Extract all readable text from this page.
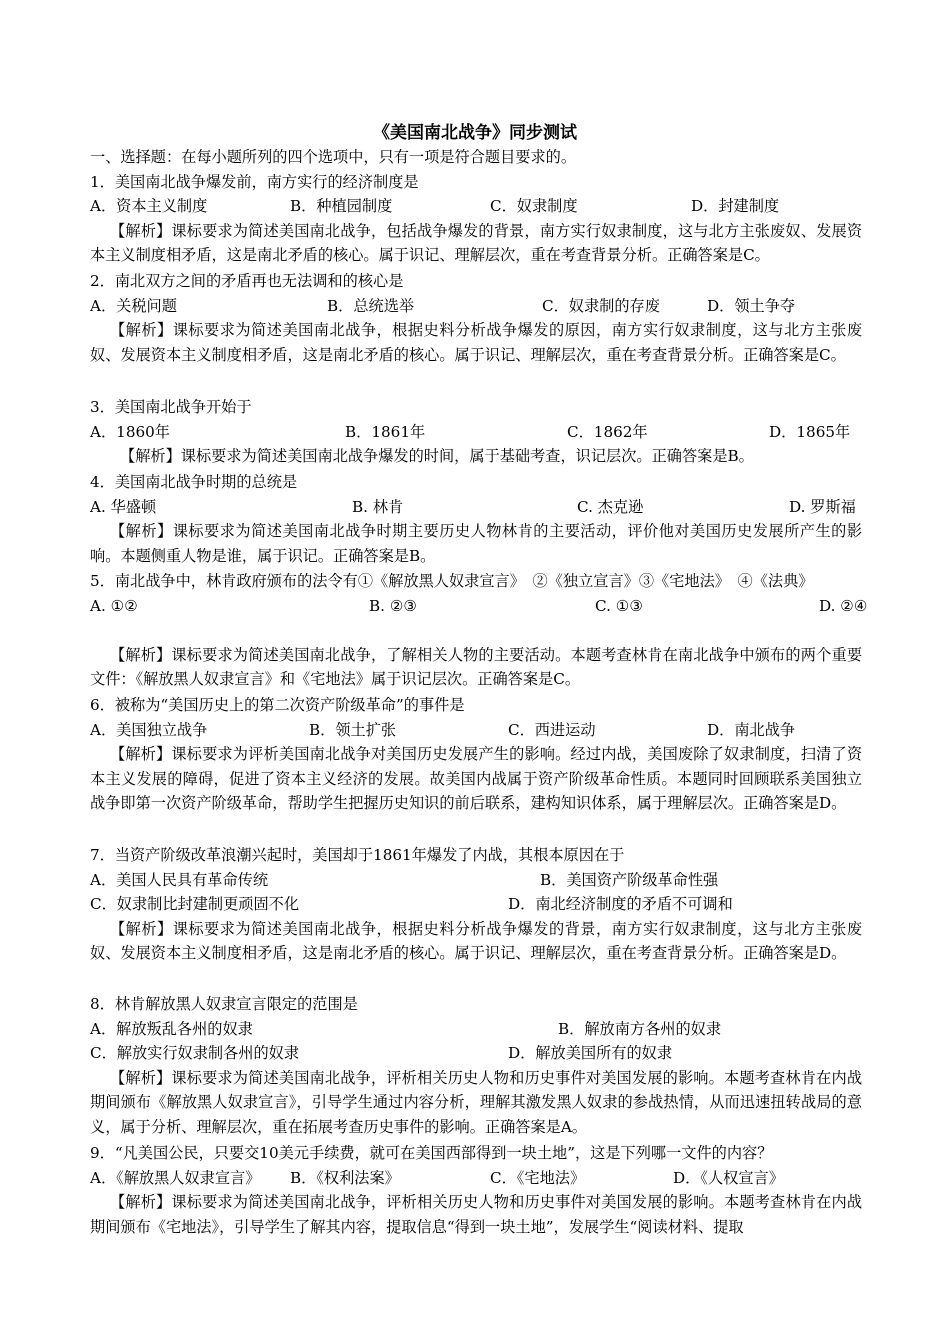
《美国南北战争》同步测试
一、选择题：在每小题所列的四个选项中，只有一项是符合题目要求的。
1．美国南北战争爆发前，南方实行的经济制度是
A．资本主义制度	B．种植园制度	C．奴隶制度	D．封建制度
【解析】课标要求为简述美国南北战争，包括战争爆发的背景，南方实行奴隶制度，这与北方主张废奴、发展资本主义制度相矛盾，这是南北矛盾的核心。属于识记、理解层次，重在考查背景分析。正确答案是C。
2．南北双方之间的矛盾再也无法调和的核心是
A．关税问题	B．总统选举	C．奴隶制的存废	D．领土争夺
【解析】课标要求为简述美国南北战争，根据史料分析战争爆发的原因，南方实行奴隶制度，这与北方主张废奴、发展资本主义制度相矛盾，这是南北矛盾的核心。属于识记、理解层次，重在考查背景分析。正确答案是C。
3．美国南北战争开始于
A．1860年	B．1861年	C．1862年	D．1865年
【解析】课标要求为简述美国南北战争爆发的时间，属于基础考查，识记层次。正确答案是B。
4．美国南北战争时期的总统是
A. 华盛顿	B. 林肯	C. 杰克逊	D. 罗斯福
【解析】课标要求为简述美国南北战争时期主要历史人物林肯的主要活动，评价他对美国历史发展所产生的影响。本题侧重人物是谁，属于识记。正确答案是B。
5．南北战争中，林肯政府颁布的法令有①《解放黑人奴隶宣言》　②《独立宣言》③《宅地法》　④《法典》
A. ①②	B. ②③	C. ①③	D. ②④
【解析】课标要求为简述美国南北战争，了解相关人物的主要活动。本题考查林肯在南北战争中颁布的两个重要文件：《解放黑人奴隶宣言》和《宅地法》属于识记层次。正确答案是C。
6．被称为“美国历史上的第二次资产阶级革命”的事件是
A．美国独立战争	B．领土扩张	C．西进运动	D．南北战争
【解析】课标要求为评析美国南北战争对美国历史发展产生的影响。经过内战，美国废除了奴隶制度，扫清了资本主义发展的障碍，促进了资本主义经济的发展。故美国内战属于资产阶级革命性质。本题同时回顾联系美国独立战争即第一次资产阶级革命，帮助学生把握历史知识的前后联系，建构知识体系，属于理解层次。正确答案是D。
7．当资产阶级改革浪潮兴起时，美国却于1861年爆发了内战，其根本原因在于
A．美国人民具有革命传统	B．美国资产阶级革命性强
C．奴隶制比封建制更顽固不化	D．南北经济制度的矛盾不可调和
【解析】课标要求为简述美国南北战争，根据史料分析战争爆发的背景，南方实行奴隶制度，这与北方主张废奴、发展资本主义制度相矛盾，这是南北矛盾的核心。属于识记、理解层次，重在考查背景分析。正确答案是D。
8．林肯解放黑人奴隶宣言限定的范围是
A．解放叛乱各州的奴隶	B．解放南方各州的奴隶
C．解放实行奴隶制各州的奴隶	D．解放美国所有的奴隶
【解析】课标要求为简述美国南北战争，评析相关历史人物和历史事件对美国发展的影响。本题考查林肯在内战期间颁布《解放黑人奴隶宣言》，引导学生通过内容分析，理解其激发黑人奴隶的参战热情，从而迅速扭转战局的意义，属于分析、理解层次，重在拓展考查历史事件的影响。正确答案是A。
9．“凡美国公民，只要交10美元手续费，就可在美国西部得到一块土地”，这是下列哪一文件的内容？
A．《解放黑人奴隶宣言》 B．《权利法案》	C．《宅地法》	D．《人权宣言》
【解析】课标要求为简述美国南北战争，评析相关历史人物和历史事件对美国发展的影响。本题考查林肯在内战期间颁布《宅地法》，引导学生了解其内容，提取信息“得到一块土地”，发展学生“阅读材料、提取
